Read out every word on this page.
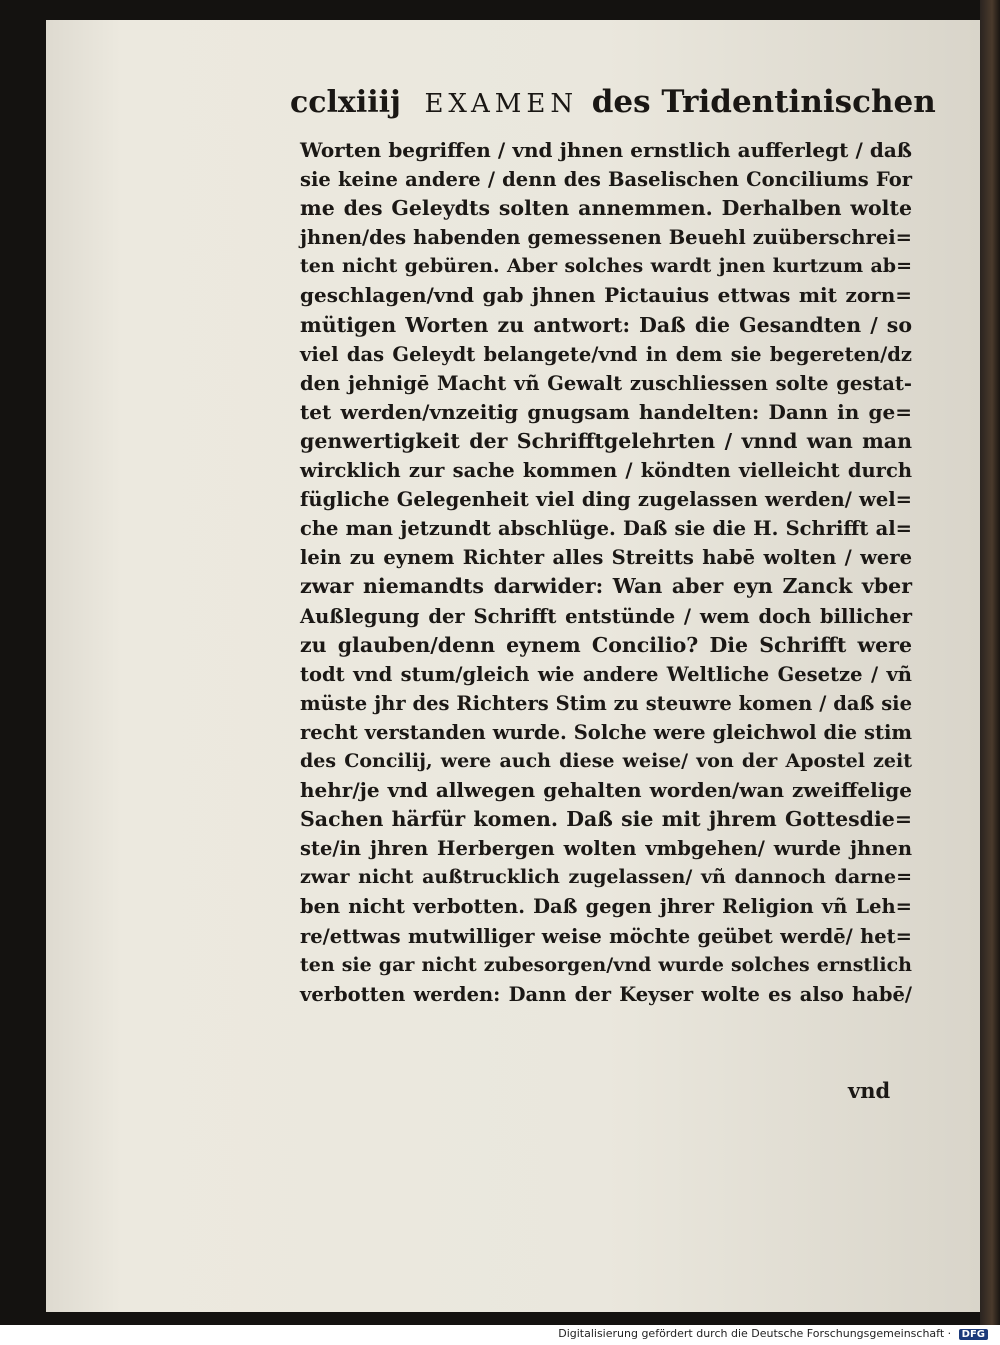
cclxiiij EXAMEN des Tridentinischen
Worten begriffen / vnd jhnen ernstlich aufferlegt / daß
sie keine andere / denn des Baselischen Conciliums For
me des Geleydts solten annemmen. Derhalben wolte
jhnen/des habenden gemessenen Beuehl zuüberschrei=
ten nicht gebüren. Aber solches wardt jnen kurtzum ab=
geschlagen/vnd gab jhnen Pictauius ettwas mit zorn=
mütigen Worten zu antwort: Daß die Gesandten / so
viel das Geleydt belangete/vnd in dem sie begereten/dz
den jehnigē Macht vñ Gewalt zuschliessen solte gestat-
tet werden/vnzeitig gnugsam handelten: Dann in ge=
genwertigkeit der Schrifftgelehrten / vnnd wan man
wircklich zur sache kommen / köndten vielleicht durch
fügliche Gelegenheit viel ding zugelassen werden/ wel=
che man jetzundt abschlüge. Daß sie die H. Schrifft al=
lein zu eynem Richter alles Streitts habē wolten / were
zwar niemandts darwider: Wan aber eyn Zanck vber
Außlegung der Schrifft entstünde / wem doch billicher
zu glauben/denn eynem Concilio? Die Schrifft were
todt vnd stum/gleich wie andere Weltliche Gesetze / vñ
müste jhr des Richters Stim zu steuwre komen / daß sie
recht verstanden wurde. Solche were gleichwol die stim
des Concilij, were auch diese weise/ von der Apostel zeit
hehr/je vnd allwegen gehalten worden/wan zweiffelige
Sachen härfür komen. Daß sie mit jhrem Gottesdie=
ste/in jhren Herbergen wolten vmbgehen/ wurde jhnen
zwar nicht außtrucklich zugelassen/ vñ dannoch darne=
ben nicht verbotten. Daß gegen jhrer Religion vñ Leh=
re/ettwas mutwilliger weise möchte geübet werdē/ het=
ten sie gar nicht zubesorgen/vnd wurde solches ernstlich
verbotten werden: Dann der Keyser wolte es also habē/
vnd
Digitalisierung gefördert durch die Deutsche Forschungsgemeinschaft · DFG
